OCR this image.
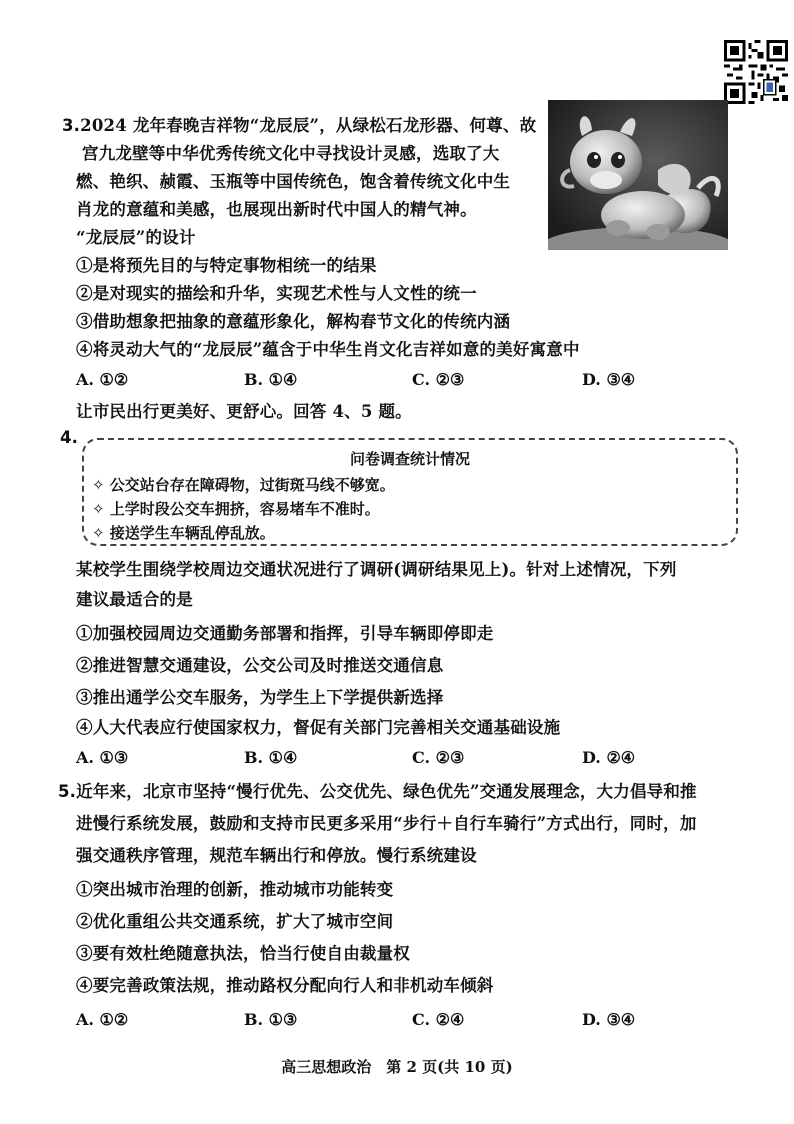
3.2024 龙年春晚吉祥物“龙辰辰”，从绿松石龙形器、何尊、故
宫九龙壁等中华优秀传统文化中寻找设计灵感，选取了大
燃、艳织、赪霞、玉瓶等中国传统色，饱含着传统文化中生
肖龙的意蕴和美感，也展现出新时代中国人的精气神。
“龙辰辰”的设计
①是将预先目的与特定事物相统一的结果
②是对现实的描绘和升华，实现艺术性与人文性的统一
③借助想象把抽象的意蕴形象化，解构春节文化的传统内涵
④将灵动大气的“龙辰辰”蕴含于中华生肖文化吉祥如意的美好寓意中
A. ①②	B. ①④	C. ②③	D. ③④
让市民出行更美好、更舒心。回答 4、5 题。
4.
问卷调查统计情况
✧ 公交站台存在障碍物，过街斑马线不够宽。
✧ 上学时段公交车拥挤，容易堵车不准时。
✧ 接送学生车辆乱停乱放。
某校学生围绕学校周边交通状况进行了调研(调研结果见上)。针对上述情况，下列
建议最适合的是
①加强校园周边交通勤务部署和指挥，引导车辆即停即走
②推进智慧交通建设，公交公司及时推送交通信息
③推出通学公交车服务，为学生上下学提供新选择
④人大代表应行使国家权力，督促有关部门完善相关交通基础设施
A. ①③	B. ①④	C. ②③	D. ②④
5.近年来，北京市坚持“慢行优先、公交优先、绿色优先”交通发展理念，大力倡导和推
进慢行系统发展，鼓励和支持市民更多采用“步行＋自行车骑行”方式出行，同时，加
强交通秩序管理，规范车辆出行和停放。慢行系统建设
①突出城市治理的创新，推动城市功能转变
②优化重组公共交通系统，扩大了城市空间
③要有效杜绝随意执法，恰当行使自由裁量权
④要完善政策法规，推动路权分配向行人和非机动车倾斜
A. ①②	B. ①③	C. ②④	D. ③④
高三思想政治　第 2 页(共 10 页)
